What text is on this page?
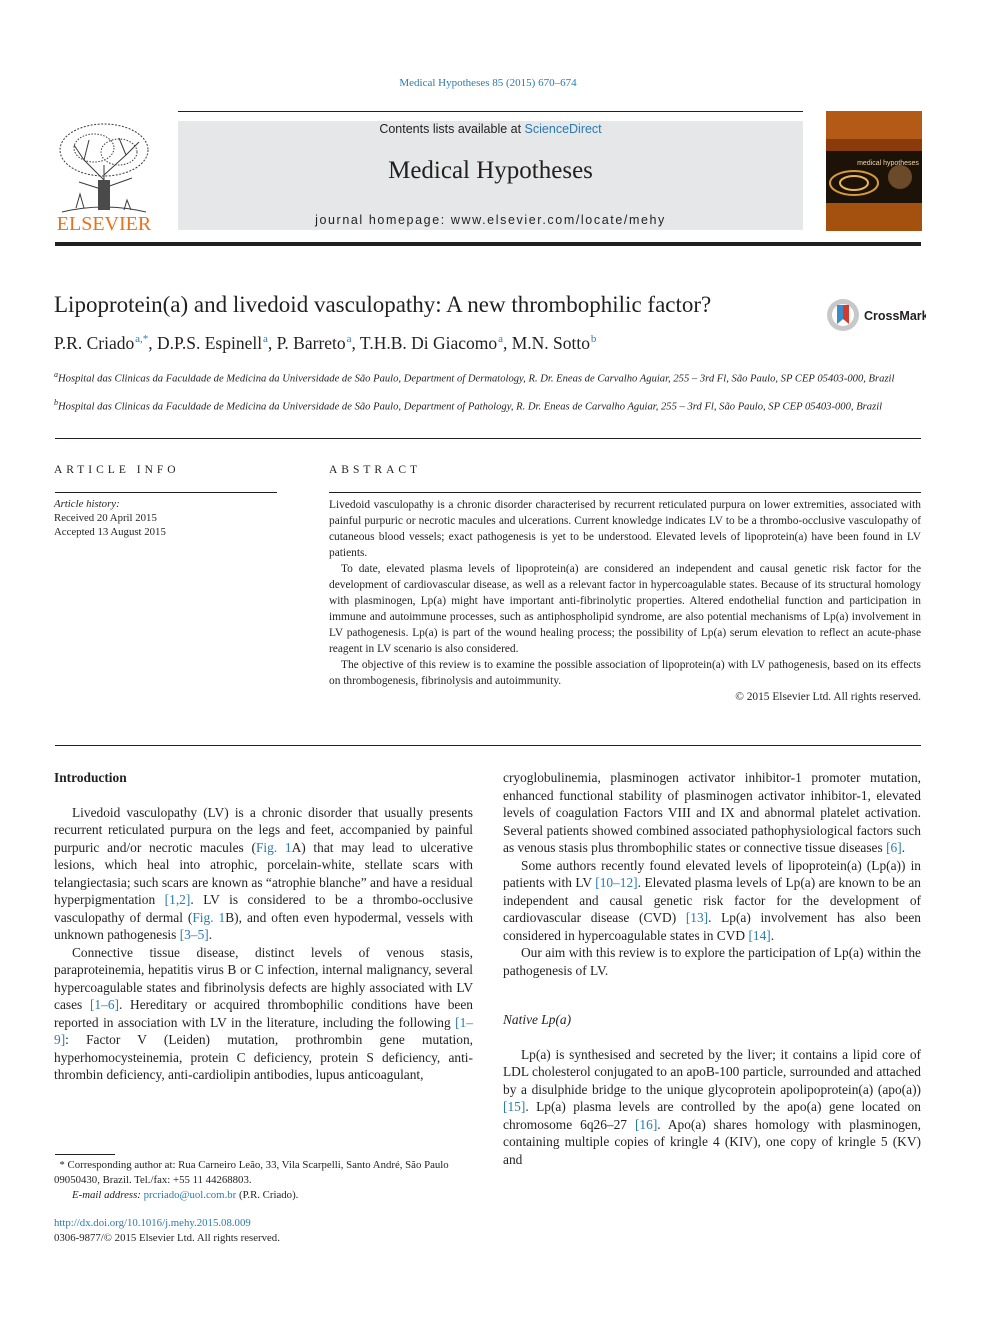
Medical Hypotheses 85 (2015) 670–674
ELSEVIER
Contents lists available at ScienceDirect
Medical Hypotheses
journal homepage: www.elsevier.com/locate/mehy
medical hypotheses
Lipoprotein(a) and livedoid vasculopathy: A new thrombophilic factor?	CrossMark
P.R. Criado $^{a,*}$, D.P.S. Espinell $^a$, P. Barreto $^a$, T.H.B. Di Giacomo $^a$, M.N. Sotto $^b$
$^a$Hospital das Clinicas da Faculdade de Medicina da Universidade de São Paulo, Department of Dermatology, R. Dr. Eneas de Carvalho Aguiar, 255 – 3rd Fl, São Paulo, SP CEP 05403-000, Brazil
$^b$Hospital das Clinicas da Faculdade de Medicina da Universidade de São Paulo, Department of Pathology, R. Dr. Eneas de Carvalho Aguiar, 255 – 3rd Fl, São Paulo, SP CEP 05403-000, Brazil
ARTICLE INFO
Article history:
Received 20 April 2015
Accepted 13 August 2015
ABSTRACT

Livedoid vasculopathy is a chronic disorder characterised by recurrent reticulated purpura on lower extremities, associated with painful purpuric or necrotic macules and ulcerations. Current knowledge indicates LV to be a thrombo-occlusive vasculopathy of cutaneous blood vessels; exact pathogenesis is yet to be understood. Elevated levels of lipoprotein(a) have been found in LV patients.

To date, elevated plasma levels of lipoprotein(a) are considered an independent and causal genetic risk factor for the development of cardiovascular disease, as well as a relevant factor in hypercoagulable states. Because of its structural homology with plasminogen, Lp(a) might have important anti-fibrinolytic properties. Altered endothelial function and participation in immune and autoimmune processes, such as antiphospholipid syndrome, are also potential mechanisms of Lp(a) involvement in LV pathogenesis. Lp(a) is part of the wound healing process; the possibility of Lp(a) serum elevation to reflect an acute-phase reagent in LV scenario is also considered.

The objective of this review is to examine the possible association of lipoprotein(a) with LV pathogenesis, based on its effects on thrombogenesis, fibrinolysis and autoimmunity.

© 2015 Elsevier Ltd. All rights reserved.

Introduction

Livedoid vasculopathy (LV) is a chronic disorder that usually presents recurrent reticulated purpura on the legs and feet, accompanied by painful purpuric and/or necrotic macules (Fig. 1A) that may lead to ulcerative lesions, which heal into atrophic, porcelain-white, stellate scars with telangiectasia; such scars are known as “atrophie blanche” and have a residual hyperpigmentation [1,2]. LV is considered to be a thrombo-occlusive vasculopathy of dermal (Fig. 1B), and often even hypodermal, vessels with unknown pathogenesis [3–5].

Connective tissue disease, distinct levels of venous stasis, paraproteinemia, hepatitis virus B or C infection, internal malignancy, several hypercoagulable states and fibrinolysis defects are highly associated with LV cases [1–6]. Hereditary or acquired thrombophilic conditions have been reported in association with LV in the literature, including the following [1–9]: Factor V (Leiden) mutation, prothrombin gene mutation, hyperhomocysteinemia, protein C deficiency, protein S deficiency, anti-thrombin deficiency, anti-cardiolipin antibodies, lupus anticoagulant,

cryoglobulinemia, plasminogen activator inhibitor-1 promoter mutation, enhanced functional stability of plasminogen activator inhibitor-1, elevated levels of coagulation Factors VIII and IX and abnormal platelet activation. Several patients showed combined associated pathophysiological factors such as venous stasis plus thrombophilic states or connective tissue diseases [6].

Some authors recently found elevated levels of lipoprotein(a) (Lp(a)) in patients with LV [10–12]. Elevated plasma levels of Lp(a) are known to be an independent and causal genetic risk factor for the development of cardiovascular disease (CVD) [13]. Lp(a) involvement has also been considered in hypercoagulable states in CVD [14].

Our aim with this review is to explore the participation of Lp(a) within the pathogenesis of LV.

Native Lp(a)

Lp(a) is synthesised and secreted by the liver; it contains a lipid core of LDL cholesterol conjugated to an apoB-100 particle, surrounded and attached by a disulphide bridge to the unique glycoprotein apolipoprotein(a) (apo(a)) [15]. Lp(a) plasma levels are controlled by the apo(a) gene located on chromosome 6q26–27 [16]. Apo(a) shares homology with plasminogen, containing multiple copies of kringle 4 (KIV), one copy of kringle 5 (KV) and

* Corresponding author at: Rua Carneiro Leão, 33, Vila Scarpelli, Santo André, São Paulo 09050430, Brazil. Tel./fax: +55 11 44268803.
E-mail address: prcriado@uol.com.br (P.R. Criado).
http://dx.doi.org/10.1016/j.mehy.2015.08.009
0306-9877/© 2015 Elsevier Ltd. All rights reserved.
